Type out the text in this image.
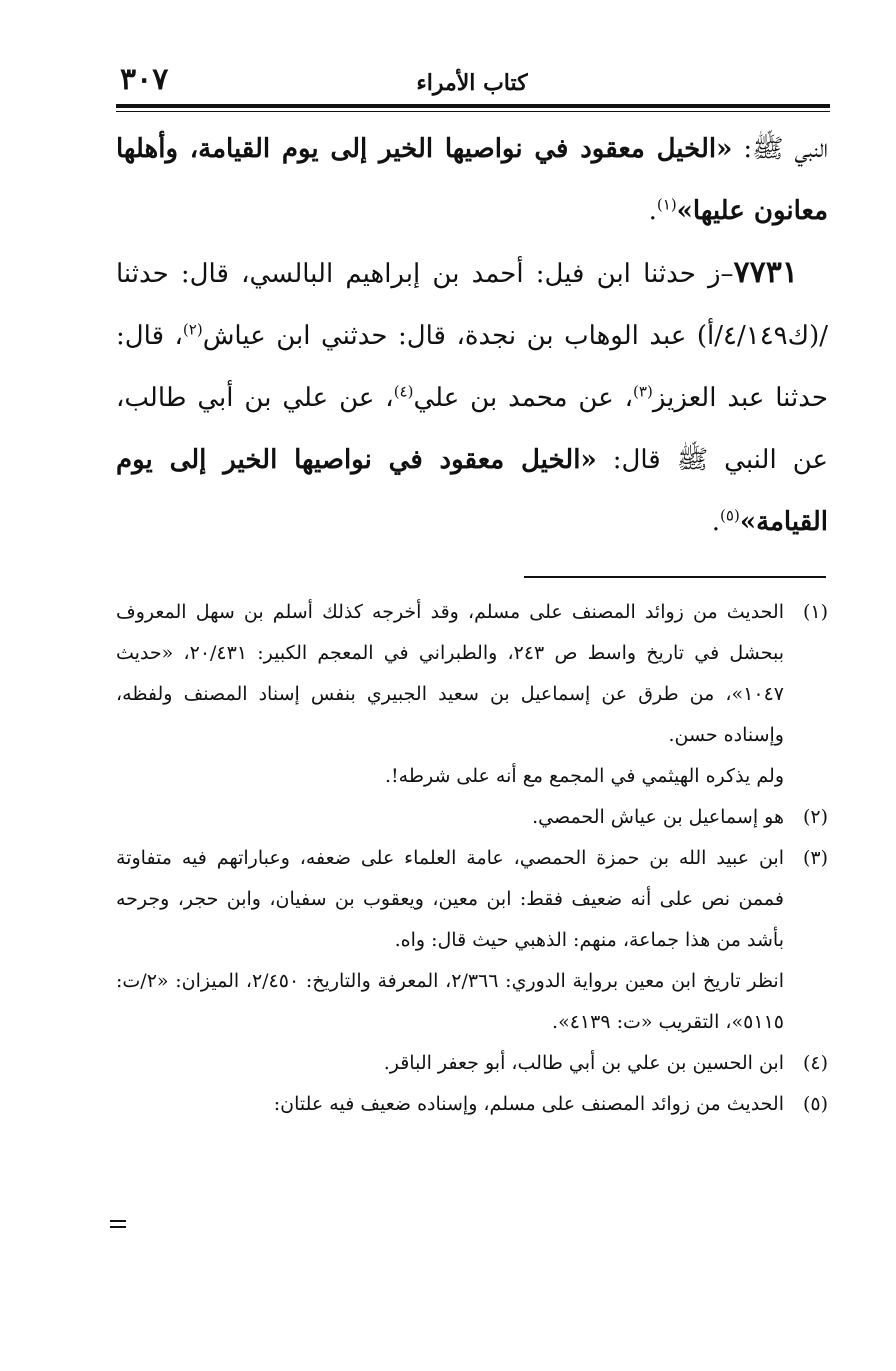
٣٠٧	كتاب الأمراء

النبي ﷺ: «الخيل معقود في نواصيها الخير إلى يوم القيامة، وأهلها معانون عليها»$^{(١)}$.

٧٧٣١–ز حدثنا ابن فيل: أحمد بن إبراهيم البالسي، قال: حدثنا /(ك٤/١٤٩/أ) عبد الوهاب بن نجدة، قال: حدثني ابن عياش$^{(٢)}$، قال: حدثنا عبد العزيز$^{(٣)}$، عن محمد بن علي$^{(٤)}$، عن علي بن أبي طالب، عن النبي ﷺ قال: «الخيل معقود في نواصيها الخير إلى يوم القيامة»$^{(٥)}$.

(١)

الحديث من زوائد المصنف على مسلم، وقد أخرجه كذلك أسلم بن سهل المعروف ببحشل في تاريخ واسط ص ٢٤٣، والطبراني في المعجم الكبير: ٢٠/٤٣١، «حديث ١٠٤٧»، من طرق عن إسماعيل بن سعيد الجبيري بنفس إسناد المصنف ولفظه، وإسناده حسن.

ولم يذكره الهيثمي في المجمع مع أنه على شرطه!.

(٢)

هو إسماعيل بن عياش الحمصي.

(٣)

ابن عبيد الله بن حمزة الحمصي، عامة العلماء على ضعفه، وعباراتهم فيه متفاوتة فممن نص على أنه ضعيف فقط: ابن معين، ويعقوب بن سفيان، وابن حجر، وجرحه بأشد من هذا جماعة، منهم: الذهبي حيث قال: واه.

انظر تاريخ ابن معين برواية الدوري: ٢/٣٦٦، المعرفة والتاريخ: ٢/٤٥٠، الميزان: «٢/ت: ٥١١٥»، التقريب «ت: ٤١٣٩».

(٤)

ابن الحسين بن علي بن أبي طالب، أبو جعفر الباقر.

(٥)

الحديث من زوائد المصنف على مسلم، وإسناده ضعيف فيه علتان:
